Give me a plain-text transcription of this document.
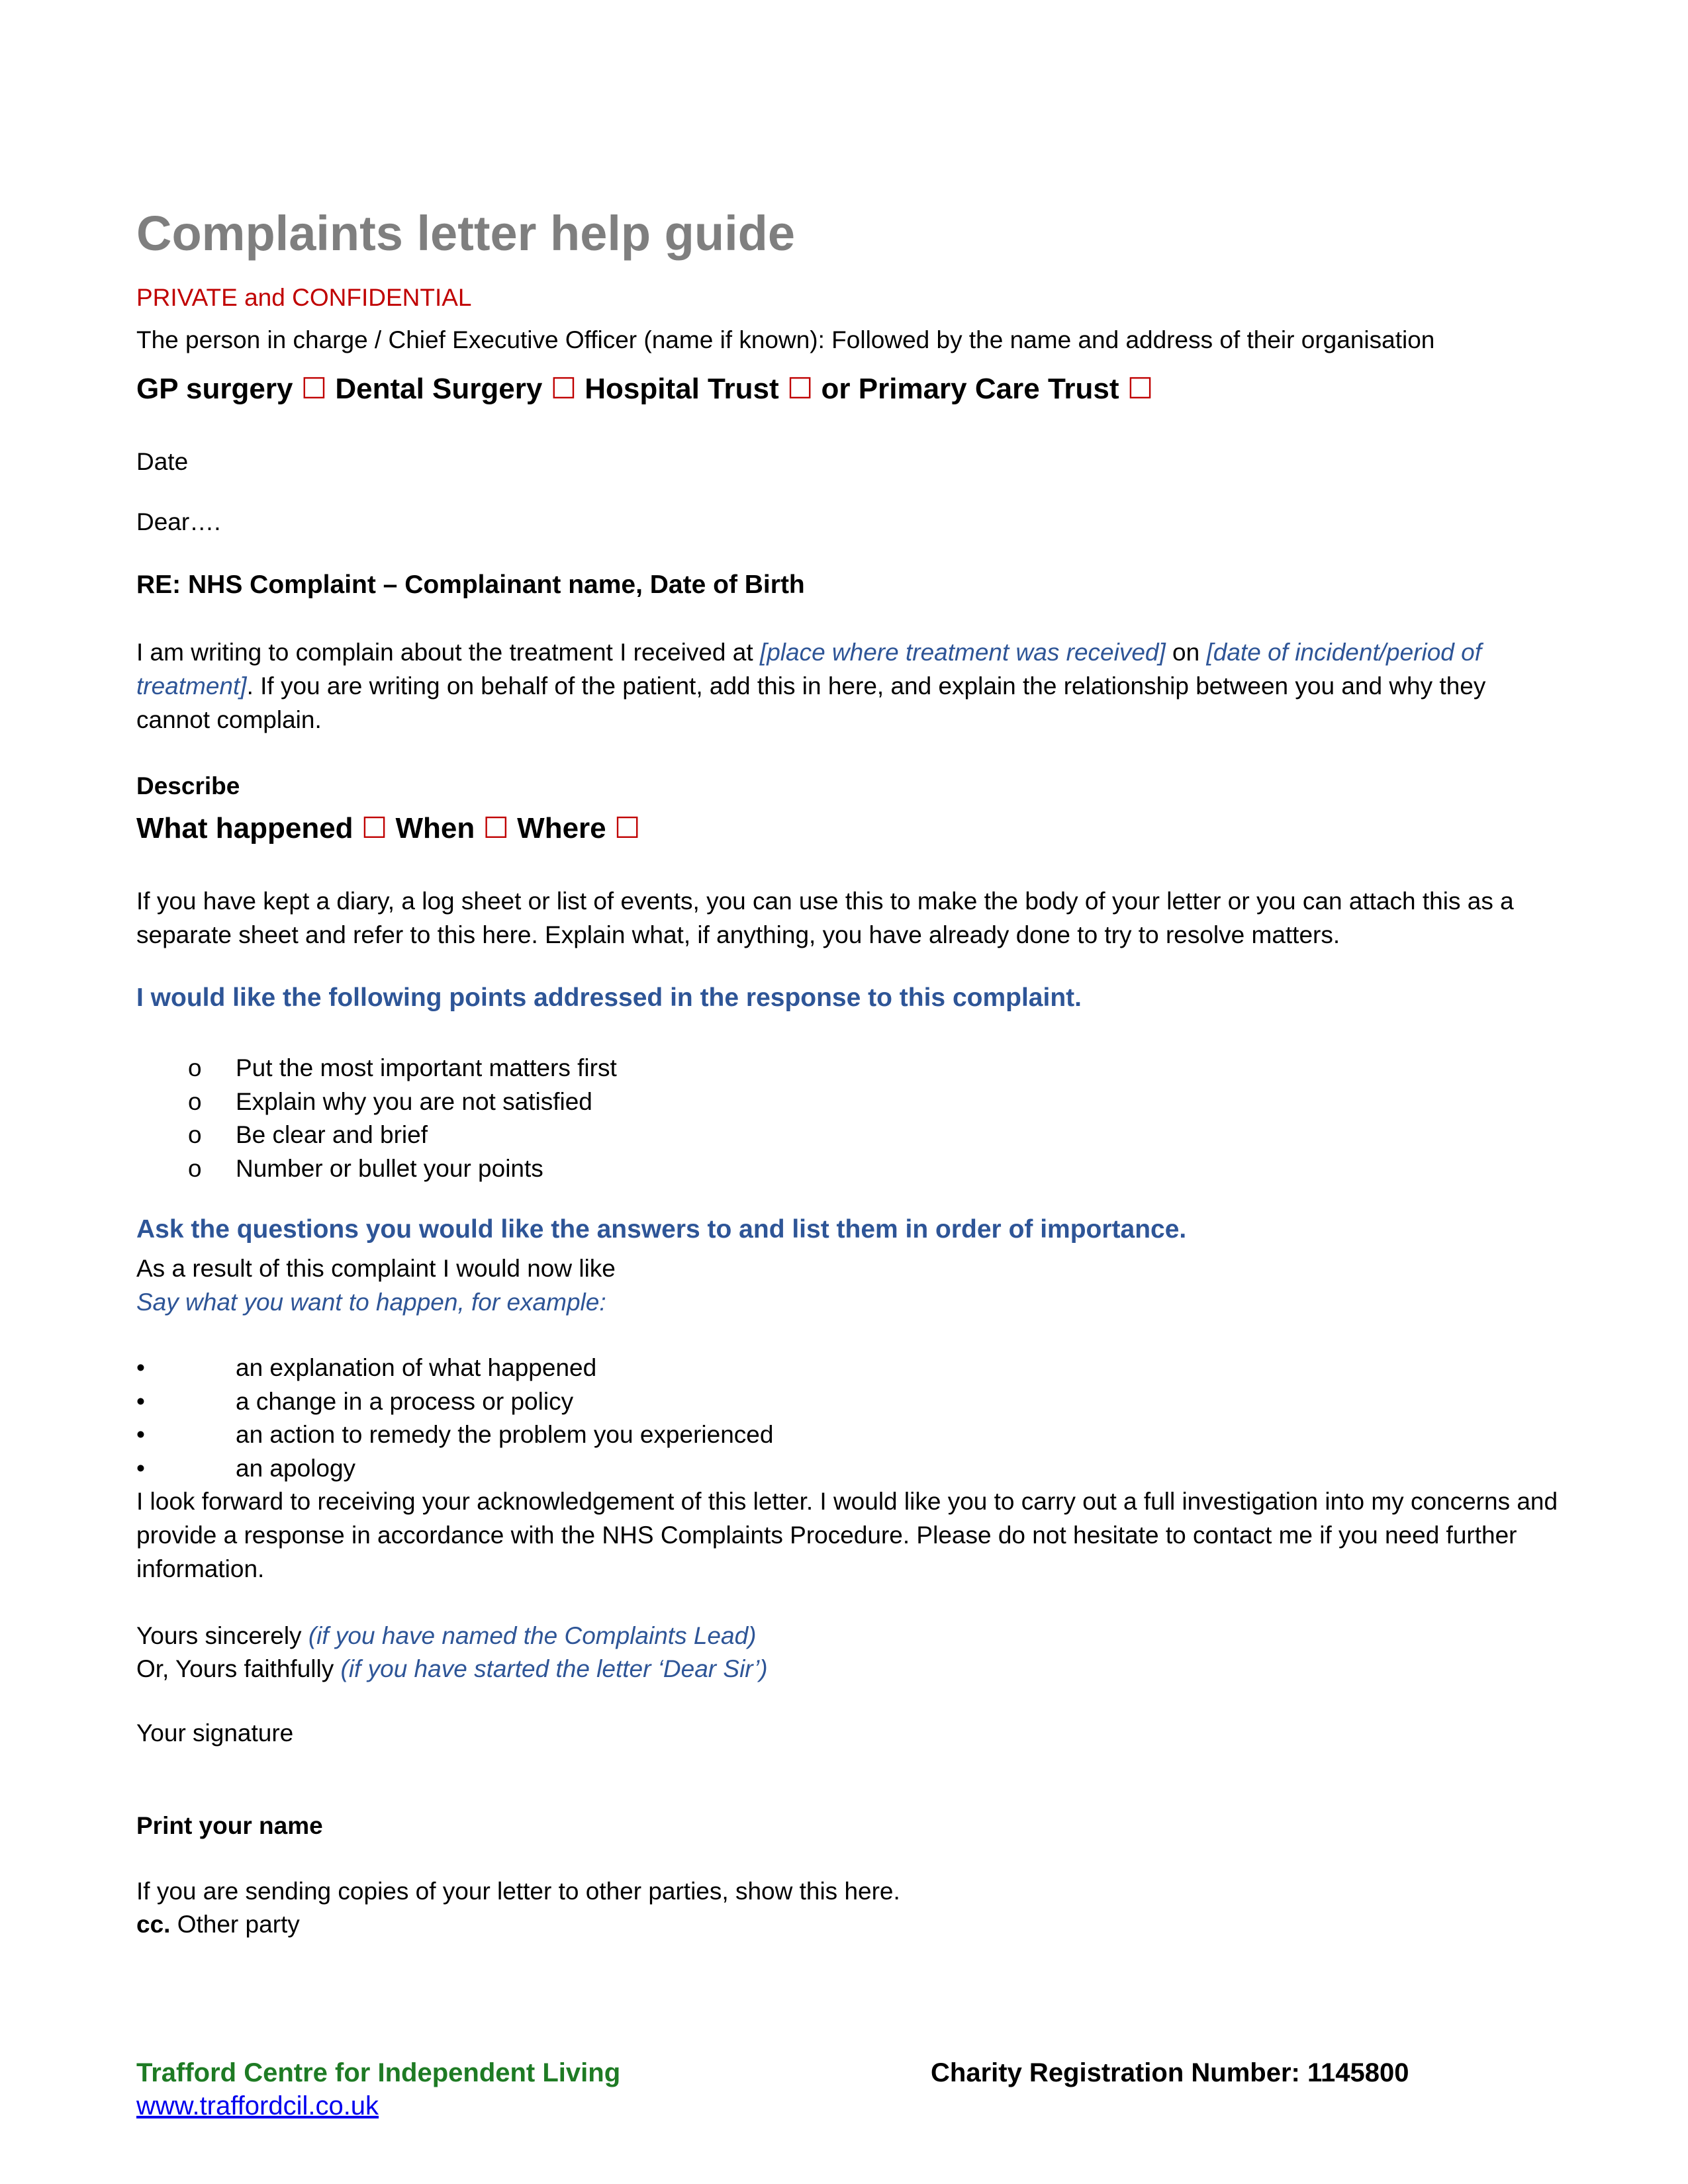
Complaints letter help guide
PRIVATE and CONFIDENTIAL
The person in charge / Chief Executive Officer (name if known): Followed by the name and address of their organisation
GP surgery ☐ Dental Surgery ☐ Hospital Trust ☐ or Primary Care Trust ☐
Date
Dear….
RE: NHS Complaint – Complainant name, Date of Birth
I am writing to complain about the treatment I received at [place where treatment was received] on [date of incident/period of treatment]. If you are writing on behalf of the patient, add this in here, and explain the relationship between you and why they cannot complain.
Describe
What happened ☐ When ☐ Where ☐
If you have kept a diary, a log sheet or list of events, you can use this to make the body of your letter or you can attach this as a separate sheet and refer to this here. Explain what, if anything, you have already done to try to resolve matters.
I would like the following points addressed in the response to this complaint.
o Put the most important matters first
o Explain why you are not satisfied
o Be clear and brief
o Number or bullet your points
Ask the questions you would like the answers to and list them in order of importance.
As a result of this complaint I would now like
Say what you want to happen, for example:
•	an explanation of what happened
•	a change in a process or policy
•	an action to remedy the problem you experienced
•	an apology
I look forward to receiving your acknowledgement of this letter. I would like you to carry out a full investigation into my concerns and provide a response in accordance with the NHS Complaints Procedure. Please do not hesitate to contact me if you need further information.
Yours sincerely (if you have named the Complaints Lead)
Or, Yours faithfully (if you have started the letter ‘Dear Sir’)
Your signature
Print your name
If you are sending copies of your letter to other parties, show this here.
cc. Other party
Trafford Centre for Independent Living	Charity Registration Number: 1145800
www.traffordcil.co.uk
